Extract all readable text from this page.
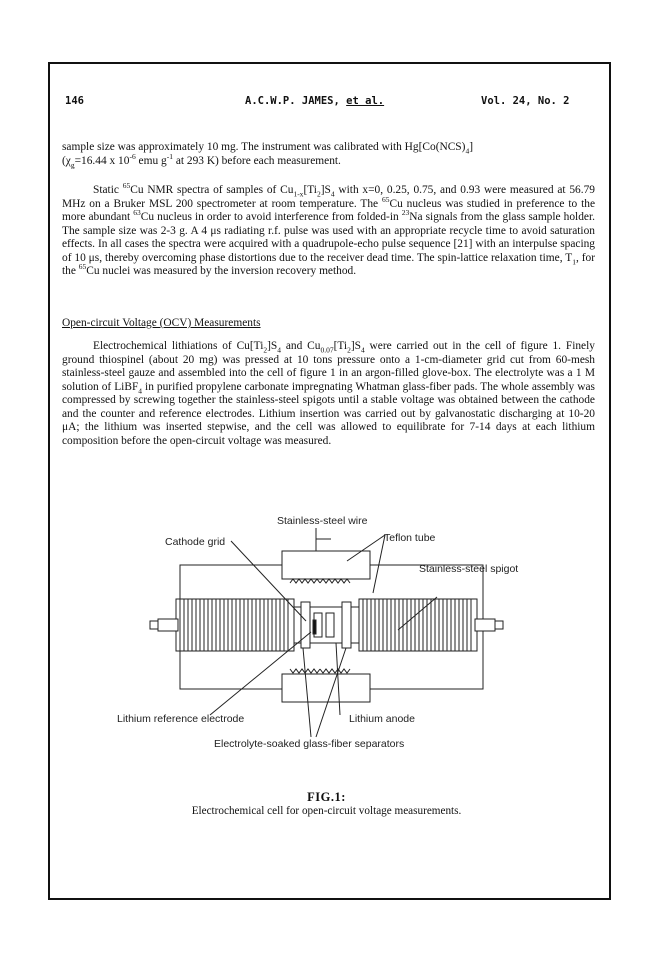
146	A.C.W.P. JAMES, et al.	Vol. 24, No. 2

sample size was approximately 10 mg. The instrument was calibrated with $Hg[Co(NCS)_4]$

($\chi_g=16.44$ x $10^{-6}$ emu $g^{-1}$ at 293 K) before each measurement.

Static $^{65}$Cu NMR spectra of samples of $Cu_{1-x}[Ti_2]S_4$ with x=0, 0.25, 0.75, and 0.93 were measured at 56.79 MHz on a Bruker MSL 200 spectrometer at room temperature. The $^{65}$Cu nucleus was studied in preference to the more abundant $^{63}$Cu nucleus in order to avoid interference from folded-in $^{23}$Na signals from the glass sample holder. The sample size was 2-3 g. A 4 μs radiating r.f. pulse was used with an appropriate recycle time to avoid saturation effects. In all cases the spectra were acquired with a quadrupole-echo pulse sequence [21] with an interpulse spacing of 10 μs, thereby overcoming phase distortions due to the receiver dead time. The spin-lattice relaxation time, $T_1$, for the $^{65}$Cu nuclei was measured by the inversion recovery method.

Open-circuit Voltage (OCV) Measurements

Electrochemical lithiations of $Cu[Ti_2]S_4$ and $Cu_{0.07}[Ti_2]S_4$ were carried out in the cell of figure 1. Finely ground thiospinel (about 20 mg) was pressed at 10 tons pressure onto a 1-cm-diameter grid cut from 60-mesh stainless-steel gauze and assembled into the cell of figure 1 in an argon-filled glove-box. The electrolyte was a 1 M solution of LiBF$_4$ in purified propylene carbonate impregnating Whatman glass-fiber pads. The whole assembly was compressed by screwing together the stainless-steel spigots until a stable voltage was obtained between the cathode and the counter and reference electrodes. Lithium insertion was carried out by galvanostatic discharging at 10-20 μA; the lithium was inserted stepwise, and the cell was allowed to equilibrate for 7-14 days at each lithium composition before the open-circuit voltage was measured.

Stainless-steel wire
Cathode grid	Teflon tube
Stainless-steel spigot
Lithium reference electrode	Lithium anode
Electrolyte-soaked glass-fiber separators
FIG.1:
Electrochemical cell for open-circuit voltage measurements.
